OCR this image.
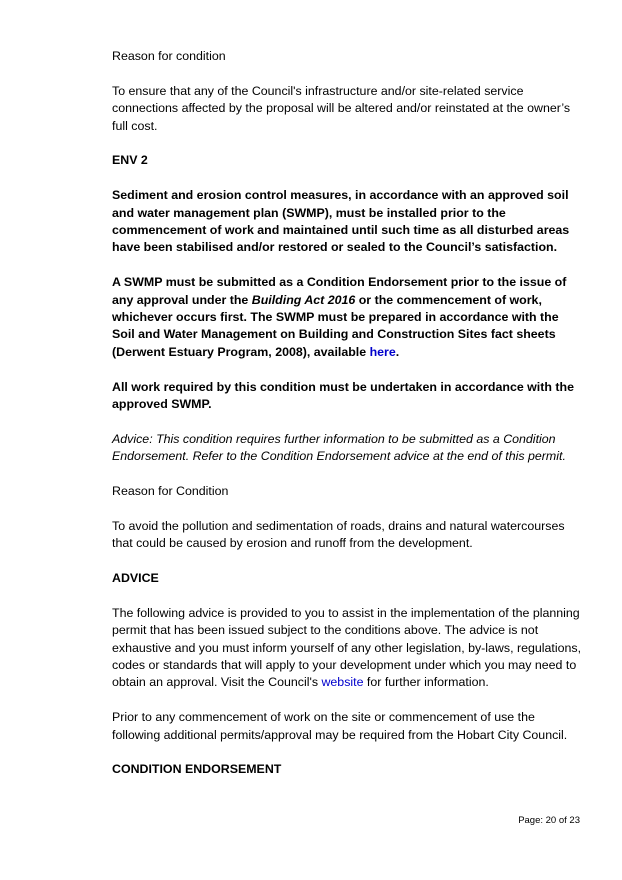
Reason for condition

To ensure that any of the Council's infrastructure and/or site-related service connections affected by the proposal will be altered and/or reinstated at the owner’s full cost.

ENV 2

Sediment and erosion control measures, in accordance with an approved soil and water management plan (SWMP), must be installed prior to the commencement of work and maintained until such time as all disturbed areas have been stabilised and/or restored or sealed to the Council’s satisfaction.

A SWMP must be submitted as a Condition Endorsement prior to the issue of any approval under the Building Act 2016 or the commencement of work, whichever occurs first. The SWMP must be prepared in accordance with the Soil and Water Management on Building and Construction Sites fact sheets (Derwent Estuary Program, 2008), available here.

All work required by this condition must be undertaken in accordance with the approved SWMP.

Advice: This condition requires further information to be submitted as a Condition Endorsement. Refer to the Condition Endorsement advice at the end of this permit.

Reason for Condition

To avoid the pollution and sedimentation of roads, drains and natural watercourses that could be caused by erosion and runoff from the development.

ADVICE

The following advice is provided to you to assist in the implementation of the planning permit that has been issued subject to the conditions above. The advice is not exhaustive and you must inform yourself of any other legislation, by-laws, regulations, codes or standards that will apply to your development under which you may need to obtain an approval. Visit the Council's website for further information.

Prior to any commencement of work on the site or commencement of use the following additional permits/approval may be required from the Hobart City Council.

CONDITION ENDORSEMENT

Page: 20 of 23
